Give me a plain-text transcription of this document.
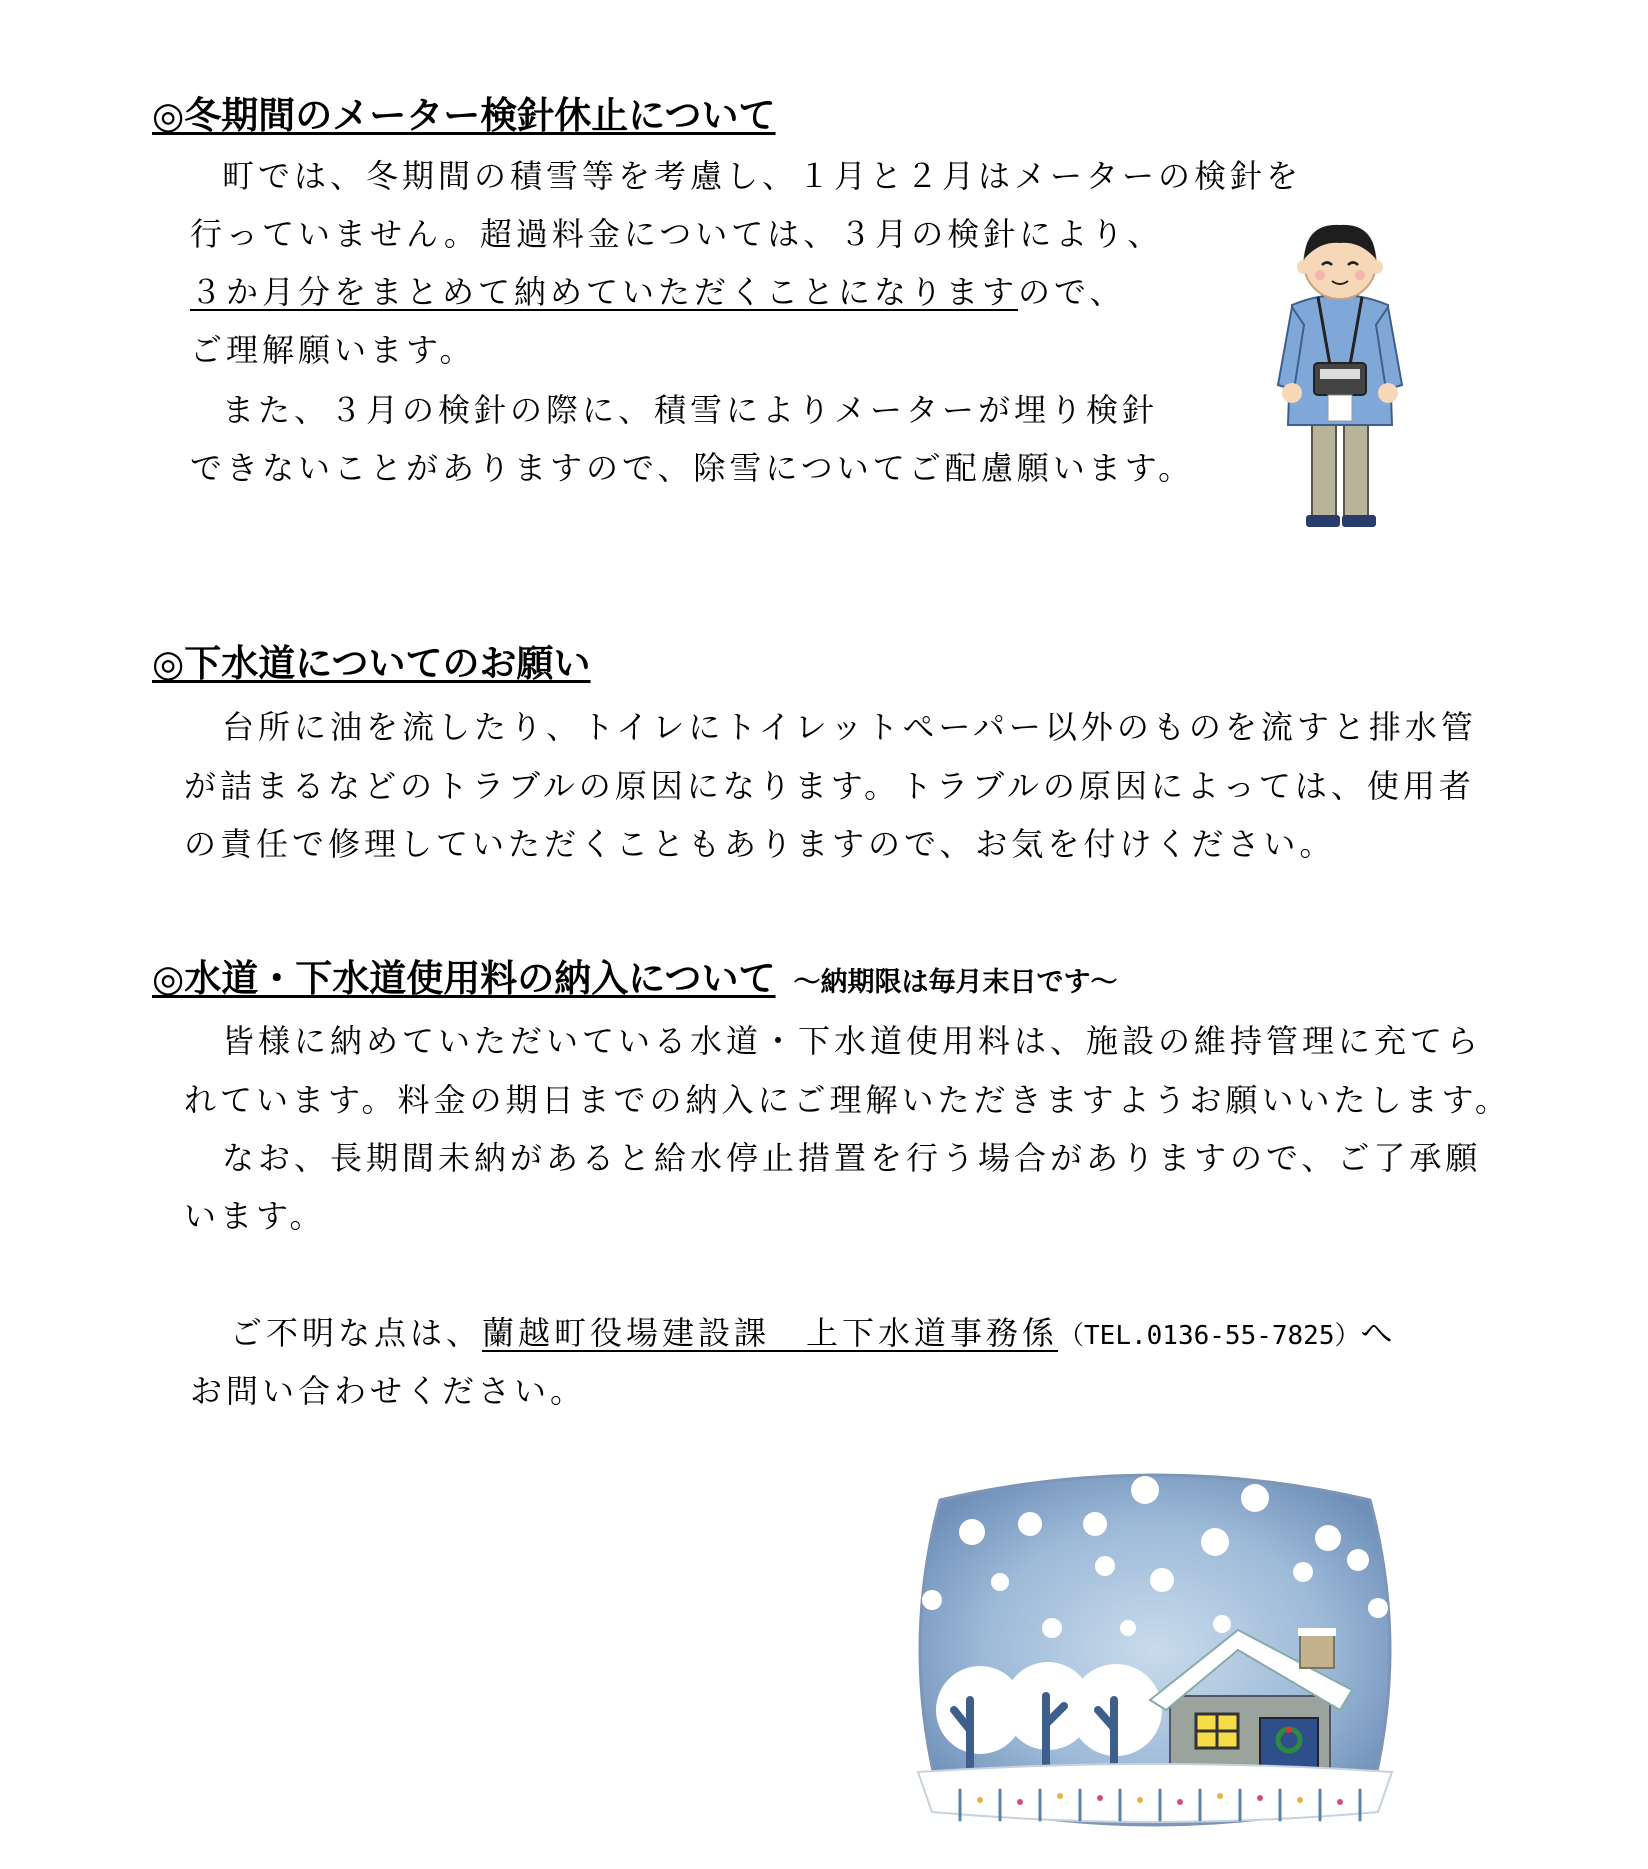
◎冬期間のメーター検針休止について
町では、冬期間の積雪等を考慮し、１月と２月はメーターの検針を
行っていません。超過料金については、３月の検針により、
３か月分をまとめて納めていただくことになりますので、
ご理解願います。
また、３月の検針の際に、積雪によりメーターが埋り検針
できないことがありますので、除雪についてご配慮願います。
◎下水道についてのお願い
台所に油を流したり、トイレにトイレットペーパー以外のものを流すと排水管
が詰まるなどのトラブルの原因になります。トラブルの原因によっては、使用者
の責任で修理していただくこともありますので、お気を付けください。
◎水道・下水道使用料の納入について ～納期限は毎月末日です～
皆様に納めていただいている水道・下水道使用料は、施設の維持管理に充てら
れています。料金の期日までの納入にご理解いただきますようお願いいたします。
なお、長期間未納があると給水停止措置を行う場合がありますので、ご了承願
います。
ご不明な点は、蘭越町役場建設課　上下水道事務係（TEL.0136-55-7825）へ
お問い合わせください。
